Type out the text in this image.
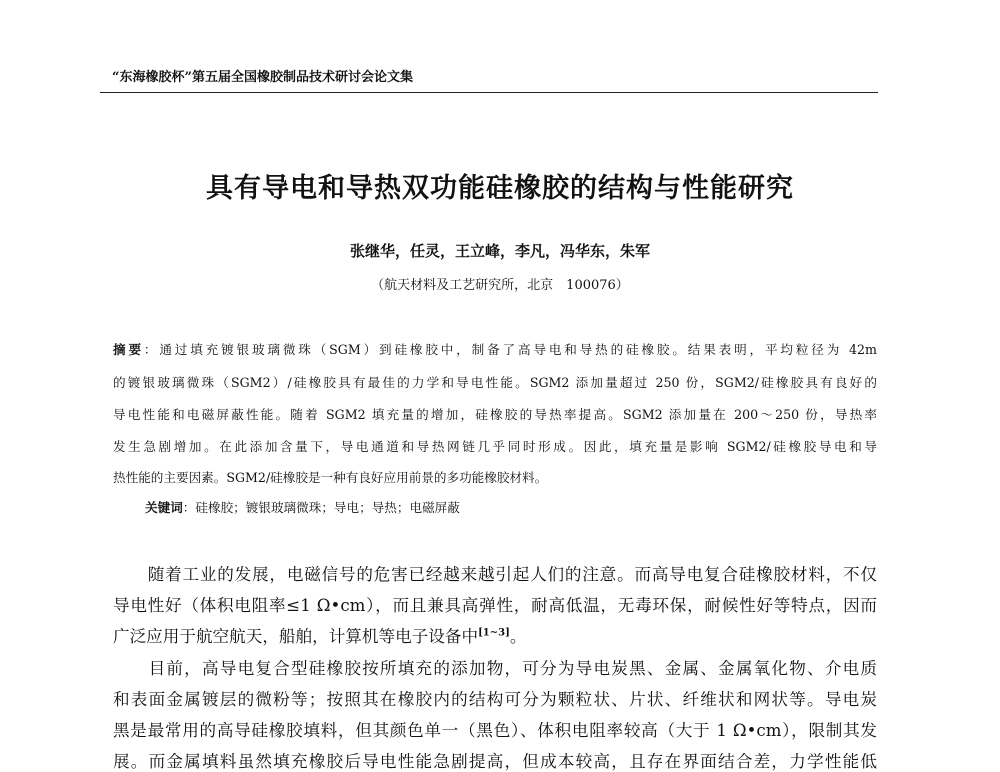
“东海橡胶杯”第五届全国橡胶制品技术研讨会论文集
具有导电和导热双功能硅橡胶的结构与性能研究
张继华，任灵，王立峰，李凡，冯华东，朱军
（航天材料及工艺研究所，北京　100076）
摘要：通过填充镀银玻璃微珠（SGM）到硅橡胶中，制备了高导电和导热的硅橡胶。结果表明，平均粒径为 42m
的镀银玻璃微珠（SGM2）/硅橡胶具有最佳的力学和导电性能。SGM2 添加量超过 250 份，SGM2/硅橡胶具有良好的
导电性能和电磁屏蔽性能。随着 SGM2 填充量的增加，硅橡胶的导热率提高。SGM2 添加量在 200～250 份，导热率
发生急剧增加。在此添加含量下，导电通道和导热网链几乎同时形成。因此，填充量是影响 SGM2/硅橡胶导电和导
热性能的主要因素。SGM2/硅橡胶是一种有良好应用前景的多功能橡胶材料。
关键词：硅橡胶；镀银玻璃微珠；导电；导热；电磁屏蔽
　　随着工业的发展，电磁信号的危害已经越来越引起人们的注意。而高导电复合硅橡胶材料，不仅
导电性好（体积电阻率≤1 Ω•cm），而且兼具高弹性，耐高低温，无毒环保，耐候性好等特点，因而
广泛应用于航空航天，船舶，计算机等电子设备中[1~3]。
　　目前，高导电复合型硅橡胶按所填充的添加物，可分为导电炭黑、金属、金属氧化物、介电质
和表面金属镀层的微粉等；按照其在橡胶内的结构可分为颗粒状、片状、纤维状和网状等。导电炭
黑是最常用的高导硅橡胶填料，但其颜色单一（黑色）、体积电阻率较高（大于 1 Ω•cm），限制其发
展。而金属填料虽然填充橡胶后导电性能急剧提高，但成本较高，且存在界面结合差，力学性能低
